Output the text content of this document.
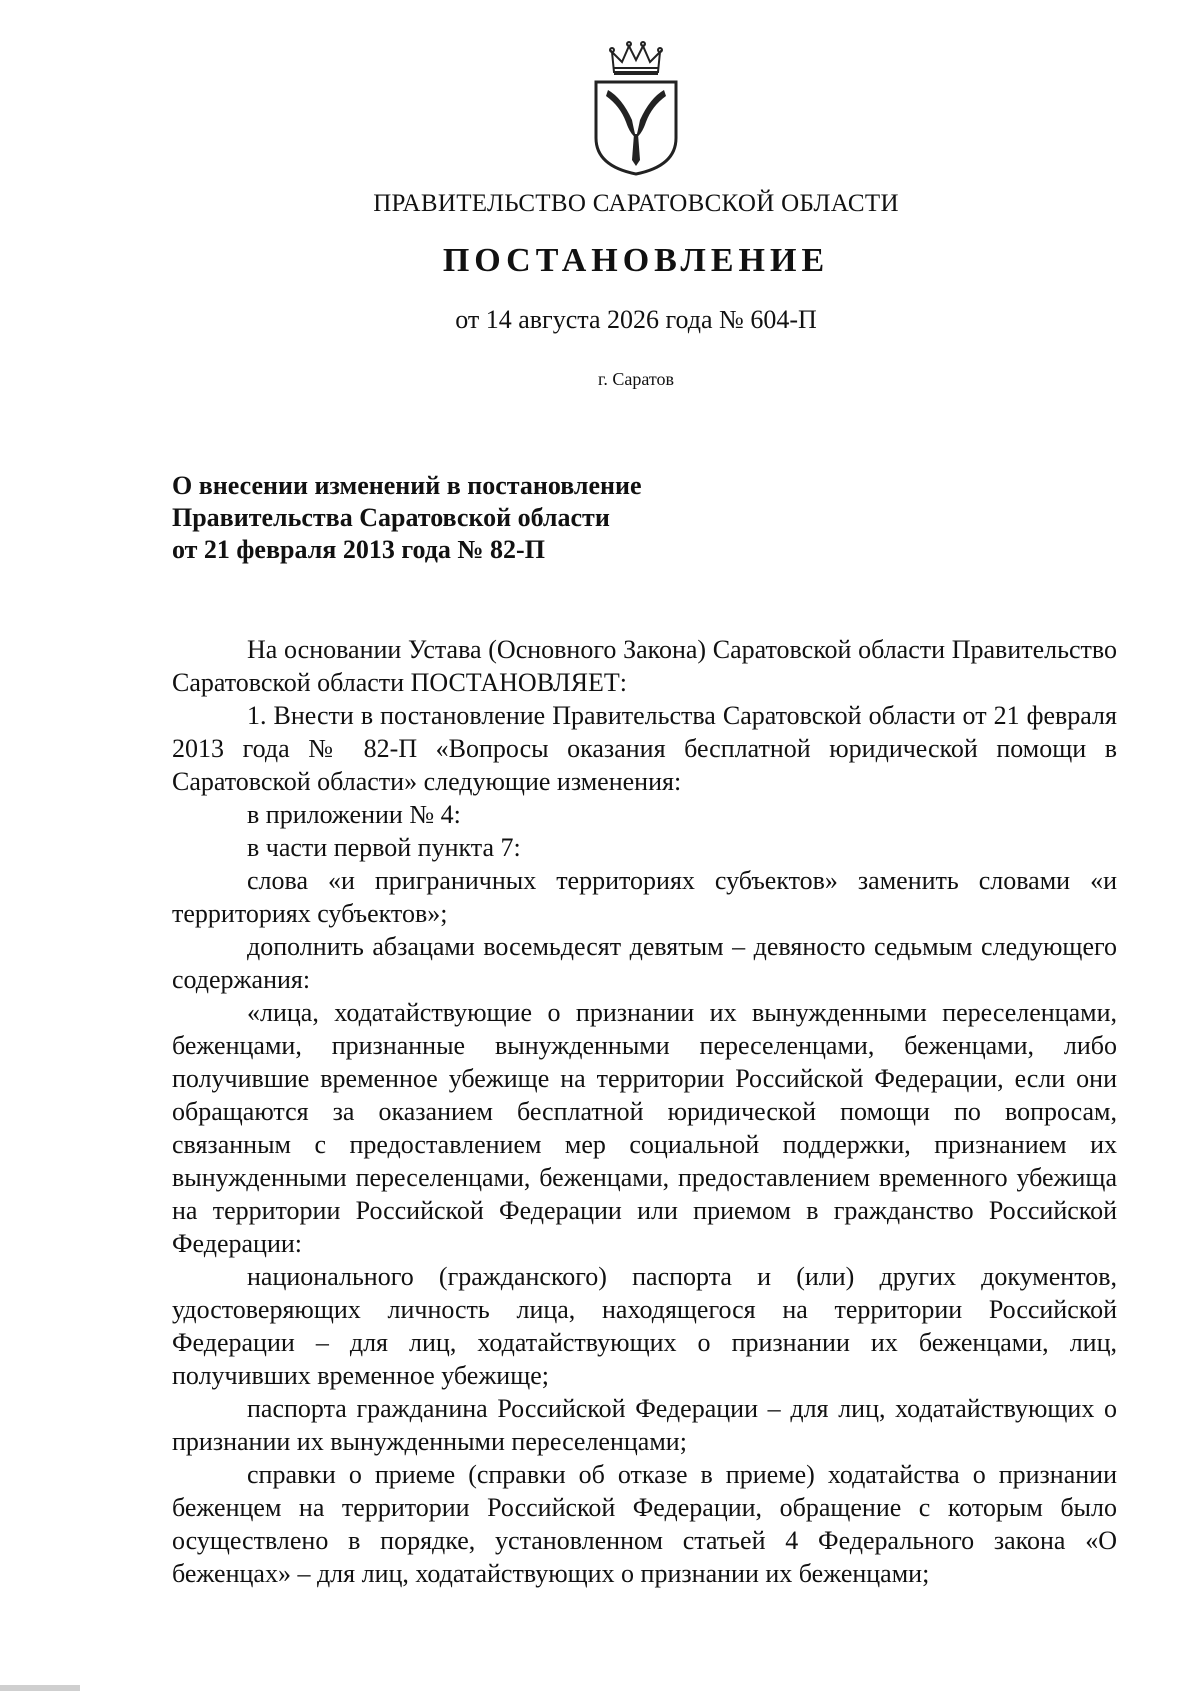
ПРАВИТЕЛЬСТВО САРАТОВСКОЙ ОБЛАСТИ
ПОСТАНОВЛЕНИЕ
от 14 августа 2026 года № 604-П
г. Саратов
О внесении изменений в постановление
Правительства Саратовской области
от 21 февраля 2013 года № 82-П

На основании Устава (Основного Закона) Саратовской области Правительство Саратовской области ПОСТАНОВЛЯЕТ:

1. Внести в постановление Правительства Саратовской области от 21 февраля 2013 года № 82-П «Вопросы оказания бесплатной юридической помощи в Саратовской области» следующие изменения:

в приложении № 4:

в части первой пункта 7:

слова «и приграничных территориях субъектов» заменить словами «и территориях субъектов»;

дополнить абзацами восемьдесят девятым – девяносто седьмым следующего содержания:

«лица, ходатайствующие о признании их вынужденными переселенцами, беженцами, признанные вынужденными переселенцами, беженцами, либо получившие временное убежище на территории Российской Федерации, если они обращаются за оказанием бесплатной юридической помощи по вопросам, связанным с предоставлением мер социальной поддержки, признанием их вынужденными переселенцами, беженцами, предоставлением временного убежища на территории Российской Федерации или приемом в гражданство Российской Федерации:

национального (гражданского) паспорта и (или) других документов, удостоверяющих личность лица, находящегося на территории Российской Федерации – для лиц, ходатайствующих о признании их беженцами, лиц, получивших временное убежище;

паспорта гражданина Российской Федерации – для лиц, ходатайствующих о признании их вынужденными переселенцами;

справки о приеме (справки об отказе в приеме) ходатайства о признании беженцем на территории Российской Федерации, обращение с которым было осуществлено в порядке, установленном статьей 4 Федерального закона «О беженцах» – для лиц, ходатайствующих о признании их беженцами;
